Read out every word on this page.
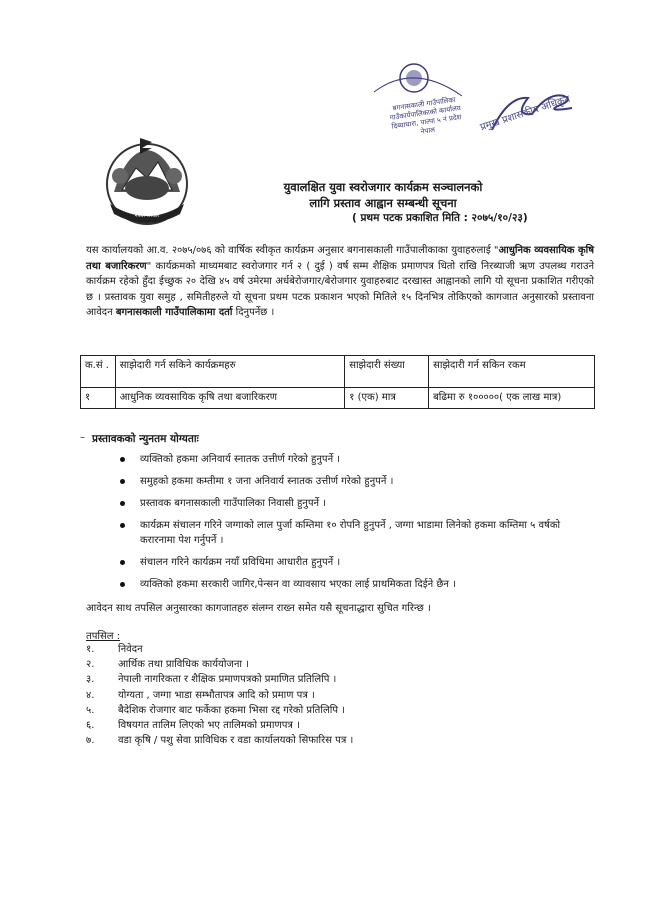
नेपाल सरकार
बगनासकाली गाउँपालिका गाउँकार्यपालिकाको कार्यालय दिब्याधारा, पाल्पा ५ नं प्रदेश नेपाल	प्रमुख प्रशासकीय अधिकृत
युवालक्षित युवा स्वरोजगार कार्यक्रम सञ्चालनको
लागि प्रस्ताव आह्वान सम्बन्धी सूचना
( प्रथम पटक प्रकाशित मिति : २०७५/१०/२३)
यस कार्यालयको आ.व. २०७५/०७६ को वार्षिक स्वीकृत कार्यक्रम अनुसार बगनासकाली गाउँपालीकाका युवाहरुलाई "आधुनिक व्यवसायिक कृषि तथा बजारिकरण" कार्यक्रमको माध्यमबाट स्वरोजगार गर्न २ ( दुई ) वर्ष सम्म शैक्षिक प्रमाणपत्र धितो राखि निरब्याजी ऋण उपलब्ध गराउने कार्यक्रम रहेको हुँदा ईच्छुक २० देखि ४५ वर्ष उमेरमा अर्धबेरोजगार/बेरोजगार युवाहरुबाट दरखास्त आह्वानको लागि यो सूचना प्रकाशित गरीएको छ । प्रस्तावक युवा समुह , समितीहरुले यो सूचना प्रथम पटक प्रकाशन भएको मितिले १५ दिनभित्र तोकिएको कागजात अनुसारको प्रस्तावना आवेदन बगनासकाली गाउँपालिकामा दर्ता दिनुपर्नेछ ।
क.सं .	साझेदारी गर्न सकिने कार्यक्रमहरु	साझेदारी संख्या	साझेदारी गर्न सकिन रकम
१	आधुनिक व्यवसायिक कृषि तथा बजारिकरण	१ (एक) मात्र	बढिमा रु १०००००( एक लाख मात्र)
– प्रस्तावकको न्युनतम योग्यताः
व्यक्तिको हकमा अनिवार्य स्नातक उत्तीर्ण गरेको हुनुपर्ने ।
समुहको हकमा कम्तीमा १ जना अनिवार्य स्नातक उत्तीर्ण गरेको हुनुपर्ने ।
प्रस्तावक बगनासकाली गाउँपालिका निवासी हुनुपर्ने ।
कार्यक्रम संचालन गरिने जग्गाको लाल पुर्जा कम्तिमा १० रोपनि हुनुपर्ने , जग्गा भाडामा लिनेको हकमा कम्तिमा ५ वर्षको करारनामा पेश गर्नुपर्ने ।
संचालन गरिने कार्यक्रम नयाँ प्रविधिमा आधारीत हुनुपर्ने ।
व्यक्तिको हकमा सरकारी जागिर,पेन्सन वा व्यावसाय भएका लाई प्राथमिकता दिईने छैन ।
आवेदन साथ तपसिल अनुसारका कागजातहरु संलग्न राख्न समेत यसै सूचनाद्धारा सुचित गरिन्छ ।
तपसिल :
१. निवेदन
२. आर्थिक तथा प्राविधिक कार्ययोजना ।
३. नेपाली नागरिकता र शैक्षिक प्रमाणपत्रको प्रमाणित प्रतिलिपि ।
४. योग्यता , जग्गा भाडा सम्भौतापत्र आदि को प्रमाण पत्र ।
५. बैदेशिक रोजगार बाट फर्केका हकमा भिसा रद्द गरेको प्रतिलिपि ।
६. विषयगत तालिम लिएको भए तालिमको प्रमाणपत्र ।
७. वडा कृषि / पशु सेवा प्राविधिक र वडा कार्यालयको सिफारिस पत्र ।
